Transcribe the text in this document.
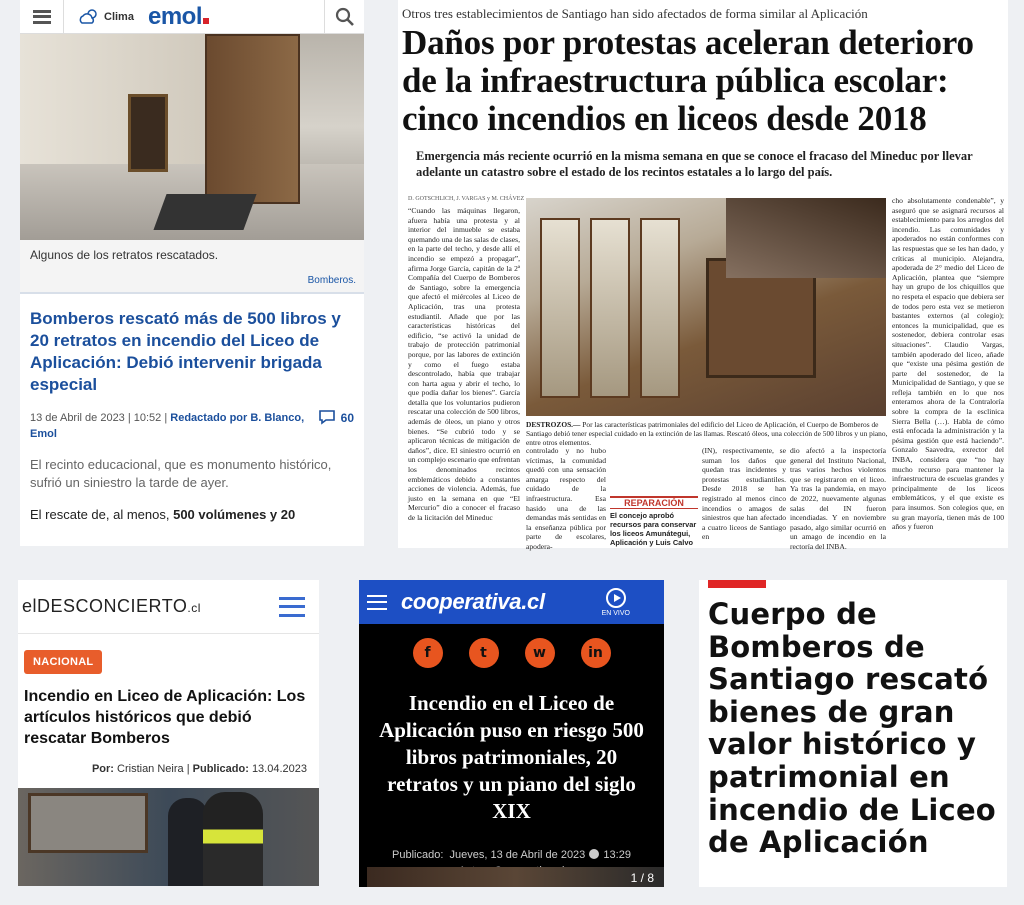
Clima emol
Algunos de los retratos rescatados.
Bomberos.
Bomberos rescató más de 500 libros y 20 retratos en incendio del Liceo de Aplicación: Debió intervenir brigada especial
13 de Abril de 2023 | 10:52 | Redactado por B. Blanco, Emol
60

El recinto educacional, que es monumento histórico, sufrió un siniestro la tarde de ayer.

El rescate de, al menos, 500 volúmenes y 20

Otros tres establecimientos de Santiago han sido afectados de forma similar al Aplicación
Daños por protestas aceleran deterioro de la infraestructura pública escolar: cinco incendios en liceos desde 2018

Emergencia más reciente ocurrió en la misma semana en que se conoce el fracaso del Mineduc por llevar adelante un catastro sobre el estado de los recintos estatales a lo largo del país.

D. GOTSCHLICH, J. VARGAS y M. CHÁVEZ
“Cuando las máquinas llegaron, afuera había una protesta y al interior del inmueble se estaba quemando una de las salas de clases, en la parte del techo, y desde allí el incendio se empezó a propagar”, afirma Jorge García, capitán de la 2ª Compañía del Cuerpo de Bomberos de Santiago, sobre la emergencia que afectó el miércoles al Liceo de Aplicación, tras una protesta estudiantil. Añade que por las características históricas del edificio, “se activó la unidad de trabajo de protección patrimonial porque, por las labores de extinción y como el fuego estaba descontrolado, había que trabajar con harta agua y abrir el techo, lo que podía dañar los bienes”. García detalla que los voluntarios pudieron rescatar una colección de 500 libros, además de óleos, un piano y otros bienes. “Se cubrió todo y se aplicaron técnicas de mitigación de daños”, dice. El siniestro ocurrió en un complejo escenario que enfrentan los denominados recintos emblemáticos debido a constantes acciones de violencia. Además, fue justo en la semana en que “El Mercurio” dio a conocer el fracaso de la licitación del Mineduc
DESTROZOS.— Por las características patrimoniales del edificio del Liceo de Aplicación, el Cuerpo de Bomberos de Santiago debió tener especial cuidado en la extinción de las llamas. Rescató óleos, una colección de 500 libros y un piano, entre otros elementos.
controlado y no hubo víctimas, la comunidad quedó con una sensación amarga respecto del cuidado de la infraestructura. Esa hasido una de las demandas más sentidas en la enseñanza pública por parte de escolares, apodera-
REPARACIÓN
El concejo aprobó recursos para conservar los liceos Amunátegui, Aplicación y Luis Calvo
(IN), respectivamente, se suman los daños que quedan tras incidentes y protestas estudiantiles. Desde 2018 se han registrado al menos cinco incendios o amagos de siniestros que han afectado a cuatro liceos de Santiago en
dio afectó a la inspectoría general del Instituto Nacional, tras varios hechos violentos que se registraron en el liceo. Ya tras la pandemia, en mayo de 2022, nuevamente algunas salas del IN fueron incendiadas. Y en noviembre pasado, algo similar ocurrió en un amago de incendio en la rectoría del INBA.
cho absolutamente condenable”, y aseguró que se asignará recursos al establecimiento para los arreglos del incendio. Las comunidades y apoderados no están conformes con las respuestas que se les han dado, y críticas al municipio. Alejandra, apoderada de 2° medio del Liceo de Aplicación, plantea que “siempre hay un grupo de los chiquillos que no respeta el espacio que debiera ser de todos pero esta vez se metieron bastantes externos (al colegio); entonces la municipalidad, que es sostenedor, debiera controlar esas situaciones”. Claudio Vargas, también apoderado del liceo, añade que “existe una pésima gestión de parte del sostenedor, de la Municipalidad de Santiago, y que se refleja también en lo que nos enteramos ahora de la Contraloría sobre la compra de la esclinica Sierra Bella (…). Habla de cómo está enfocada la administración y la pésima gestión que está haciendo”. Gonzalo Saavedra, exrector del INBA, considera que “no hay mucho recurso para mantener la infraestructura de escuelas grandes y principalmente de los liceos emblemáticos, y el que existe es para insumos. Son colegios que, en su gran mayoría, tienen más de 100 años y fueron
elDESCONCIERTO.cl
NACIONAL
Incendio en Liceo de Aplicación: Los artículos históricos que debió rescatar Bomberos
Por: Cristian Neira | Publicado: 13.04.2023
cooperativa.cl	EN VIVO
f	t	w	in
Incendio en el Liceo de Aplicación puso en riesgo 500 libros patrimoniales, 20 retratos y un piano del siglo XIX
Publicado: Jueves, 13 de Abril de 2023 13:29

1 / 8
Cuerpo de Bomberos de Santiago rescató bienes de gran valor histórico y patrimonial en incendio de Liceo de Aplicación
